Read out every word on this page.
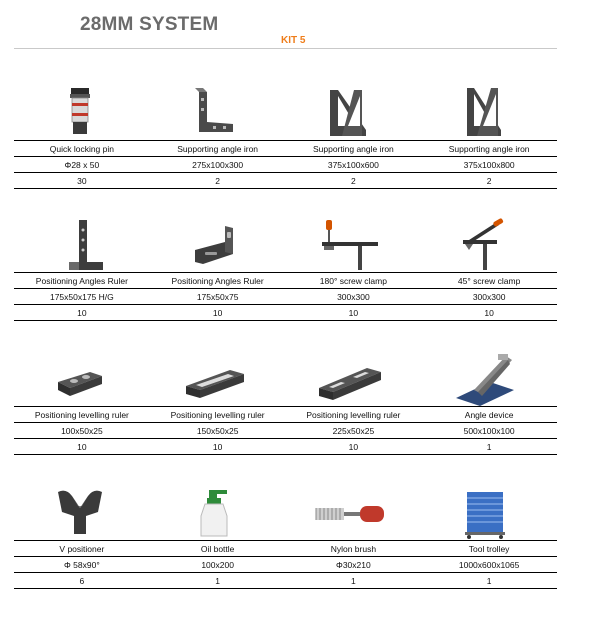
28MM SYSTEM
KIT 5
Quick locking pin	Supporting angle iron	Supporting angle iron	Supporting angle iron
Φ28 x 50	275x100x300	375x100x600	375x100x800
30	2	2	2
Positioning Angles Ruler	Positioning Angles Ruler	180° screw clamp	45° screw clamp
175x50x175 H/G	175x50x75	300x300	300x300
10	10	10	10
Positioning levelling ruler	Positioning levelling ruler	Positioning levelling ruler	Angle device
100x50x25	150x50x25	225x50x25	500x100x100
10	10	10	1
V positioner	Oil bottle	Nylon brush	Tool trolley
Φ 58x90°	100x200	Φ30x210	1000x600x1065
6	1	1	1
